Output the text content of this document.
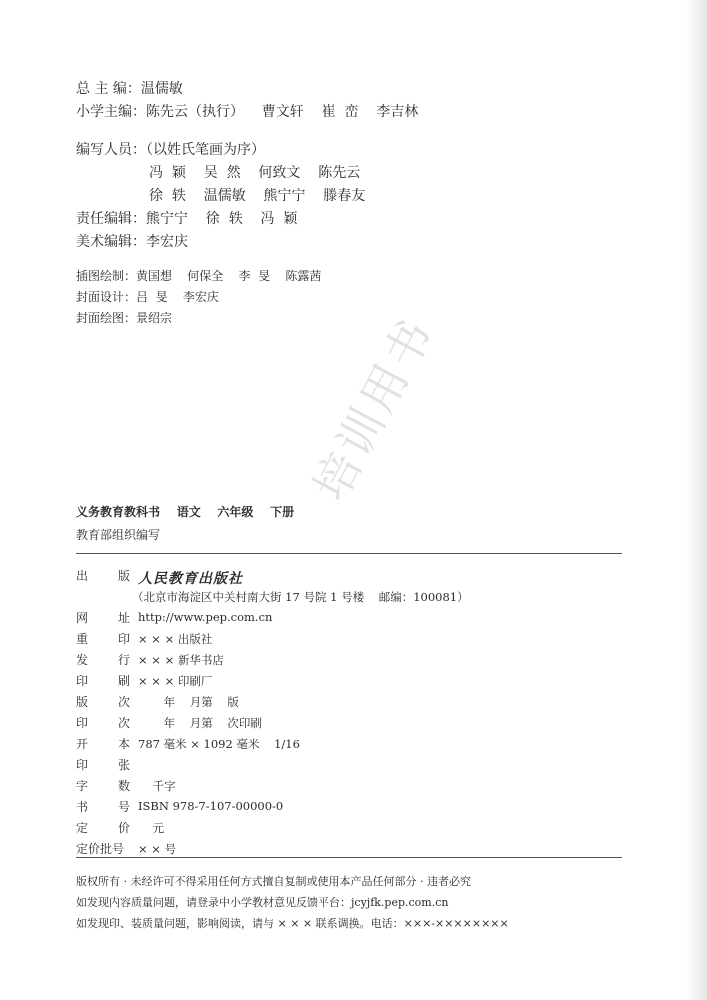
总 主 编：温儒敏
小学主编：陈先云（执行）    曹文轩    崔  峦    李吉林
编写人员：（以姓氏笔画为序）
冯  颖    吴  然    何致文    陈先云
徐  轶    温儒敏    熊宁宁    滕春友
责任编辑：熊宁宁    徐  轶    冯  颖
美术编辑：李宏庆
插图绘制：黄国想    何保全    李  旻    陈露茜
封面设计：吕  旻    李宏庆
封面绘图：景绍宗	培训用书
义务教育教科书    语文    六年级    下册
教育部组织编写
出版 人民教育出版社
（北京市海淀区中关村南大街 17 号院 1 号楼    邮编：100081）
网址 http://www.pep.com.cn
重印 × × × 出版社
发行 × × × 新华书店
印刷 × × × 印刷厂
版次 年    月第    版
印次 年    月第    次印刷
开本 787 毫米 × 1092 毫米    1/16
印张
字数 千字
书号 ISBN 978-7-107-00000-0
定价 元
定价批号	× × 号
版权所有 · 未经许可不得采用任何方式擅自复制或使用本产品任何部分 · 违者必究
如发现内容质量问题，请登录中小学教材意见反馈平台：jcyjfk.pep.com.cn
如发现印、装质量问题，影响阅读，请与 × × × 联系调换。电话：×××-××××××××
